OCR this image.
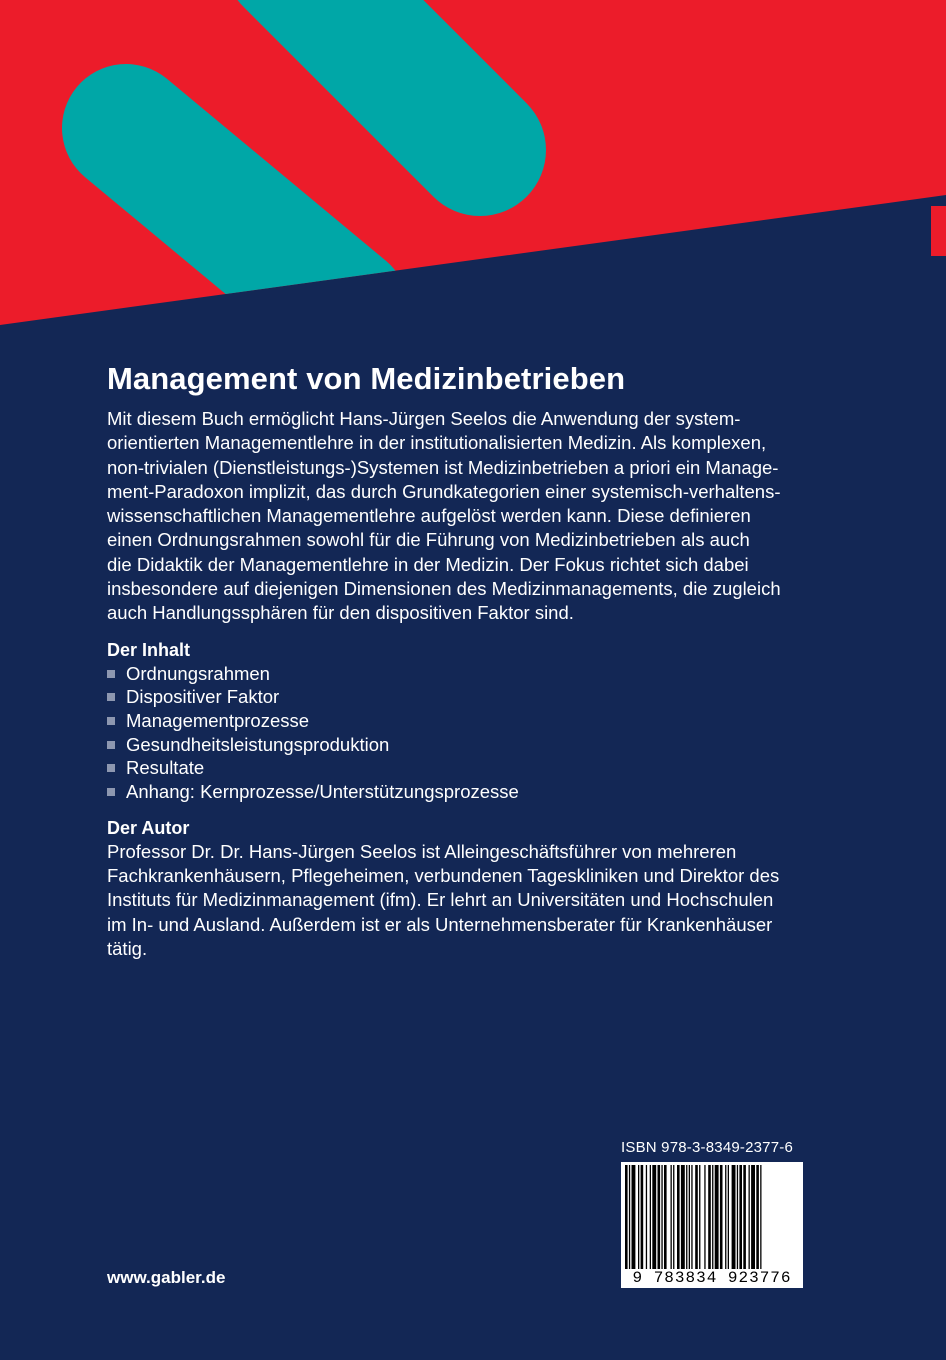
Management von Medizinbetrieben

Mit diesem Buch ermöglicht Hans-Jürgen Seelos die Anwendung der system-

orientierten Managementlehre in der institutionalisierten Medizin. Als komplexen,

non-trivialen (Dienstleistungs-)Systemen ist Medizinbetrieben a priori ein Manage-

ment-Paradoxon implizit, das durch Grundkategorien einer systemisch-verhaltens-

wissenschaftlichen Managementlehre aufgelöst werden kann. Diese definieren

einen Ordnungsrahmen sowohl für die Führung von Medizinbetrieben als auch

die Didaktik der Managementlehre in der Medizin. Der Fokus richtet sich dabei

insbesondere auf diejenigen Dimensionen des Medizinmanagements, die zugleich

auch Handlungssphären für den dispositiven Faktor sind.

Der Inhalt
Ordnungsrahmen
Dispositiver Faktor
Managementprozesse
Gesundheitsleistungsproduktion
Resultate
Anhang: Kernprozesse/Unterstützungsprozesse
Der Autor

Professor Dr. Dr. Hans-Jürgen Seelos ist Alleingeschäftsführer von mehreren

Fachkrankenhäusern, Pflegeheimen, verbundenen Tageskliniken und Direktor des

Instituts für Medizinmanagement (ifm). Er lehrt an Universitäten und Hochschulen

im In- und Ausland. Außerdem ist er als Unternehmensberater für Krankenhäuser

tätig.

ISBN 978-3-8349-2377-6
9 783834 923776
www.gabler.de
